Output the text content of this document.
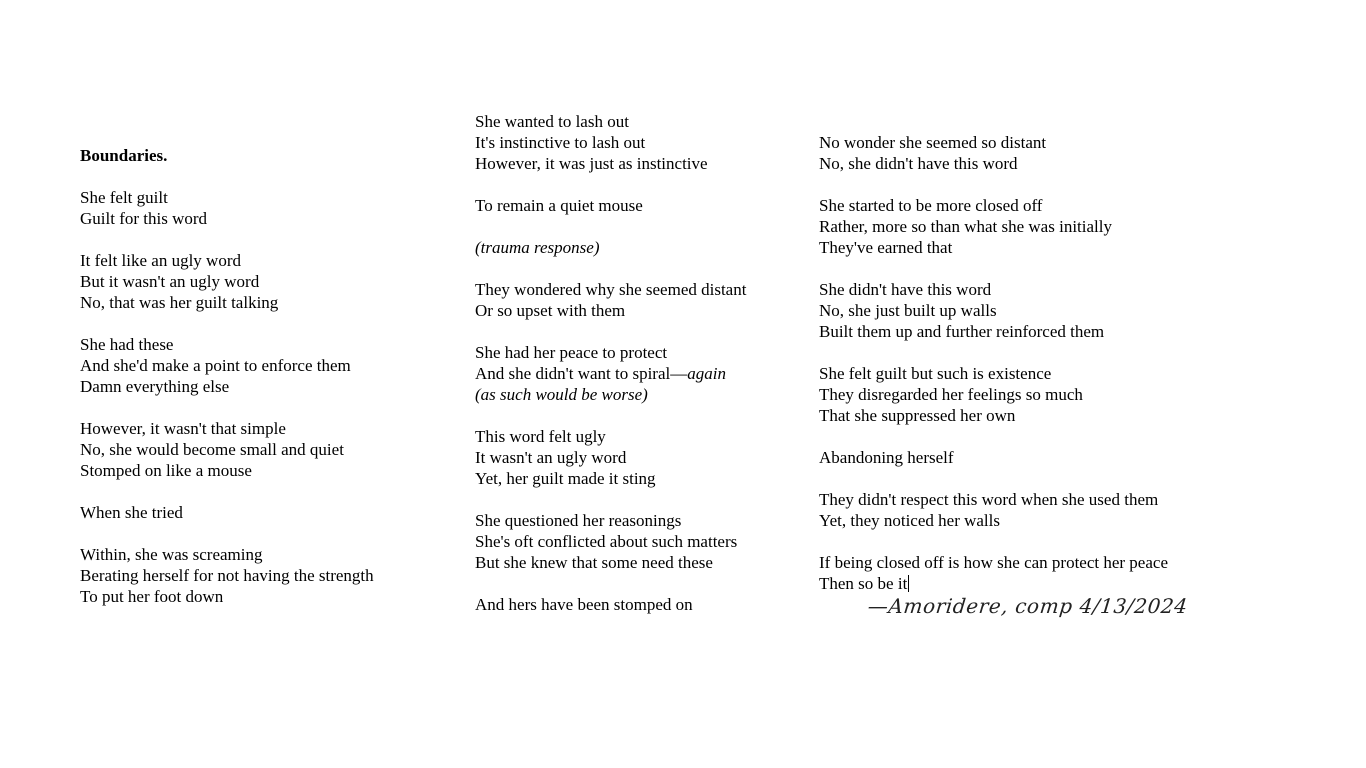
Boundaries.

She felt guilt
Guilt for this word

It felt like an ugly word
But it wasn't an ugly word
No, that was her guilt talking

She had these
And she'd make a point to enforce them
Damn everything else

However, it wasn't that simple
No, she would become small and quiet
Stomped on like a mouse

When she tried

Within, she was screaming
Berating herself for not having the strength
To put her foot down
She wanted to lash out
It's instinctive to lash out
However, it was just as instinctive

To remain a quiet mouse

(trauma response)

They wondered why she seemed distant
Or so upset with them

She had her peace to protect
And she didn't want to spiral—again
(as such would be worse)

This word felt ugly
It wasn't an ugly word
Yet, her guilt made it sting

She questioned her reasonings
She's oft conflicted about such matters
But she knew that some need these

And hers have been stomped on
No wonder she seemed so distant
No, she didn't have this word

She started to be more closed off
Rather, more so than what she was initially
They've earned that

She didn't have this word
No, she just built up walls
Built them up and further reinforced them

She felt guilt but such is existence
They disregarded her feelings so much
That she suppressed her own

Abandoning herself

They didn't respect this word when she used them
Yet, they noticed her walls

If being closed off is how she can protect her peace
Then so be it
—Amoridere, comp 4/13/2024
